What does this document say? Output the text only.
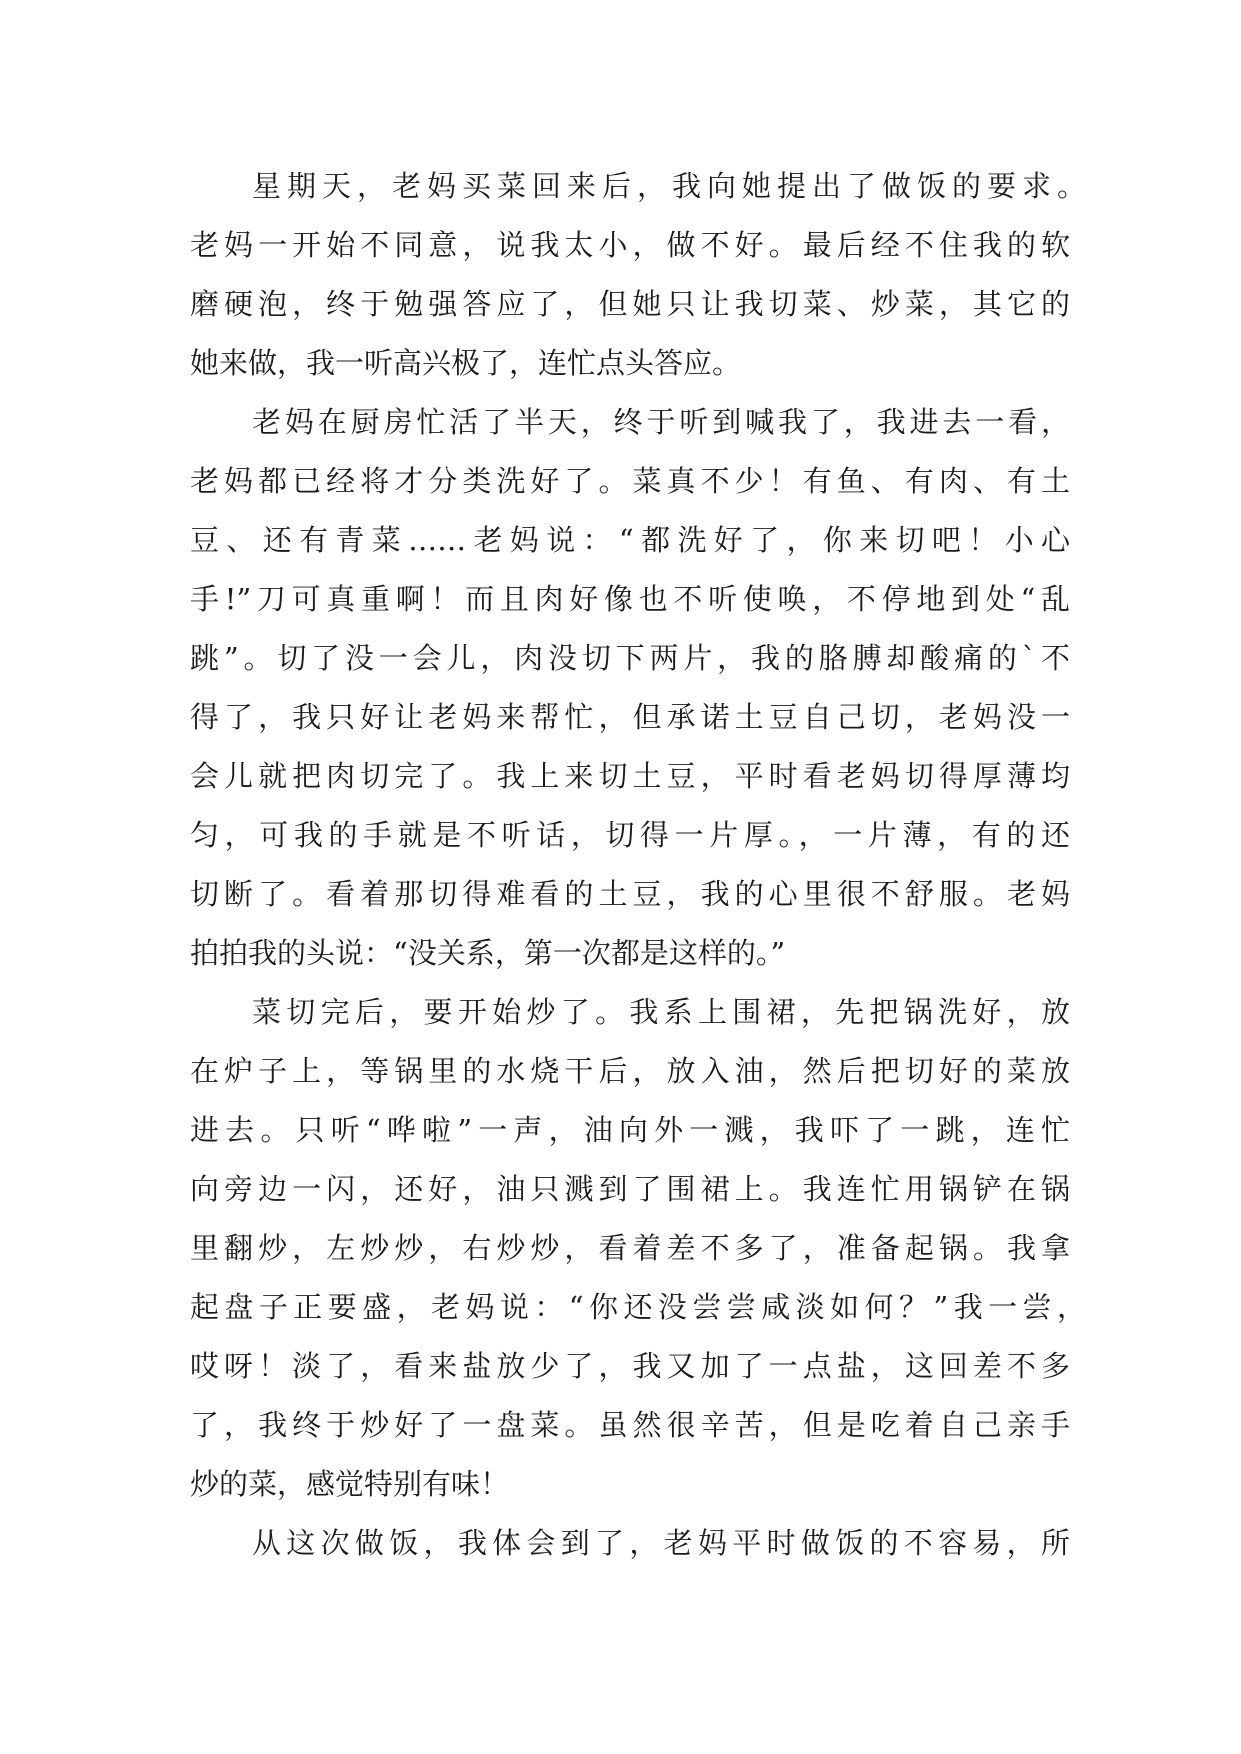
星期天，老妈买菜回来后，我向她提出了做饭的要求。
老妈一开始不同意，说我太小，做不好。最后经不住我的软
磨硬泡，终于勉强答应了，但她只让我切菜、炒菜，其它的
她来做，我一听高兴极了，连忙点头答应。
老妈在厨房忙活了半天，终于听到喊我了，我进去一看，
老妈都已经将才分类洗好了。菜真不少！有鱼、有肉、有土
豆、还有青菜……老妈说：“都洗好了，你来切吧！小心
手!”刀可真重啊！而且肉好像也不听使唤，不停地到处“乱
跳”。切了没一会儿，肉没切下两片，我的胳膊却酸痛的`不
得了，我只好让老妈来帮忙，但承诺土豆自己切，老妈没一
会儿就把肉切完了。我上来切土豆，平时看老妈切得厚薄均
匀，可我的手就是不听话，切得一片厚。，一片薄，有的还
切断了。看着那切得难看的土豆，我的心里很不舒服。老妈
拍拍我的头说：“没关系，第一次都是这样的。”
菜切完后，要开始炒了。我系上围裙，先把锅洗好，放
在炉子上，等锅里的水烧干后，放入油，然后把切好的菜放
进去。只听“哗啦”一声，油向外一溅，我吓了一跳，连忙
向旁边一闪，还好，油只溅到了围裙上。我连忙用锅铲在锅
里翻炒，左炒炒，右炒炒，看着差不多了，准备起锅。我拿
起盘子正要盛，老妈说：“你还没尝尝咸淡如何？”我一尝，
哎呀！淡了，看来盐放少了，我又加了一点盐，这回差不多
了，我终于炒好了一盘菜。虽然很辛苦，但是吃着自己亲手
炒的菜，感觉特别有味！
从这次做饭，我体会到了，老妈平时做饭的不容易，所
